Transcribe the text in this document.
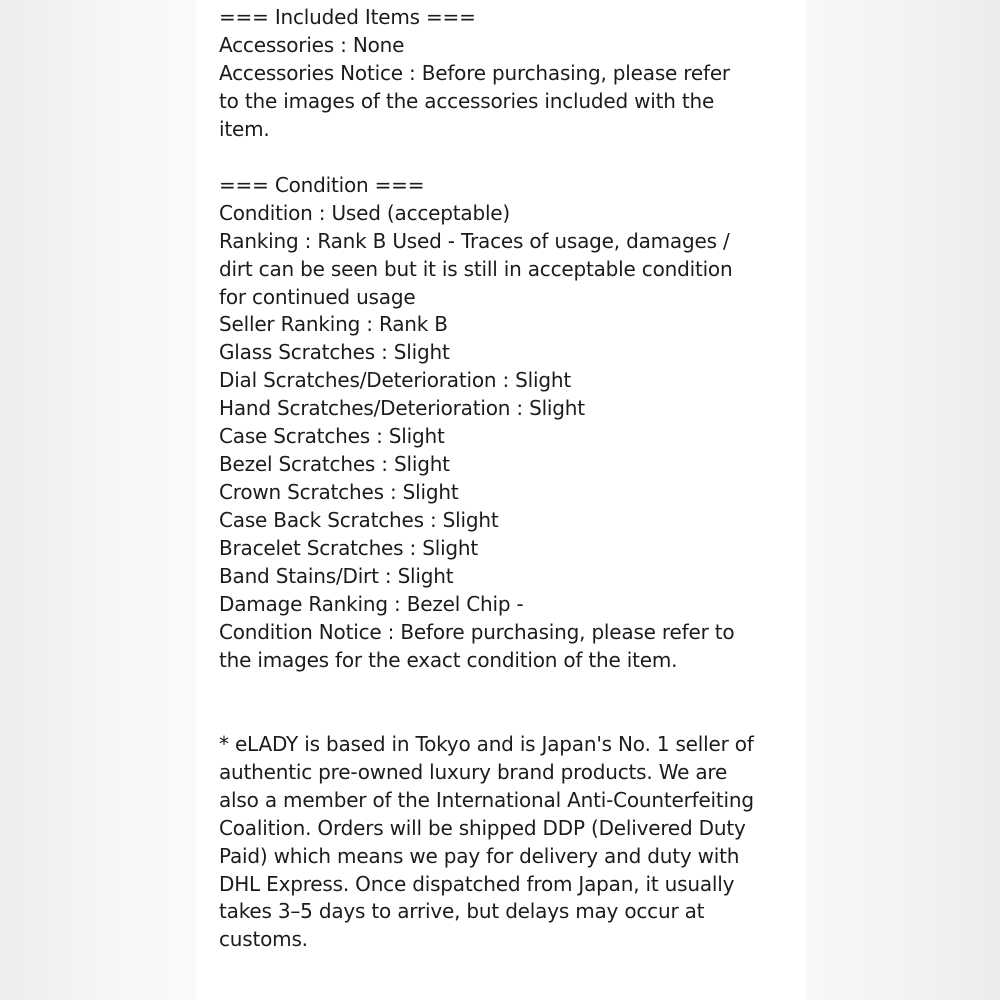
=== Included Items ===
Accessories : None
Accessories Notice : Before purchasing, please refer
to the images of the accessories included with the
item.
=== Condition ===
Condition : Used (acceptable)
Ranking : Rank B Used - Traces of usage, damages /
dirt can be seen but it is still in acceptable condition
for continued usage
Seller Ranking : Rank B
Glass Scratches : Slight
Dial Scratches/Deterioration : Slight
Hand Scratches/Deterioration : Slight
Case Scratches : Slight
Bezel Scratches : Slight
Crown Scratches : Slight
Case Back Scratches : Slight
Bracelet Scratches : Slight
Band Stains/Dirt : Slight
Damage Ranking : Bezel Chip -
Condition Notice : Before purchasing, please refer to
the images for the exact condition of the item.
* eLADY is based in Tokyo and is Japan's No. 1 seller of
authentic pre-owned luxury brand products. We are
also a member of the International Anti-Counterfeiting
Coalition. Orders will be shipped DDP (Delivered Duty
Paid) which means we pay for delivery and duty with
DHL Express. Once dispatched from Japan, it usually
takes 3–5 days to arrive, but delays may occur at
customs.
